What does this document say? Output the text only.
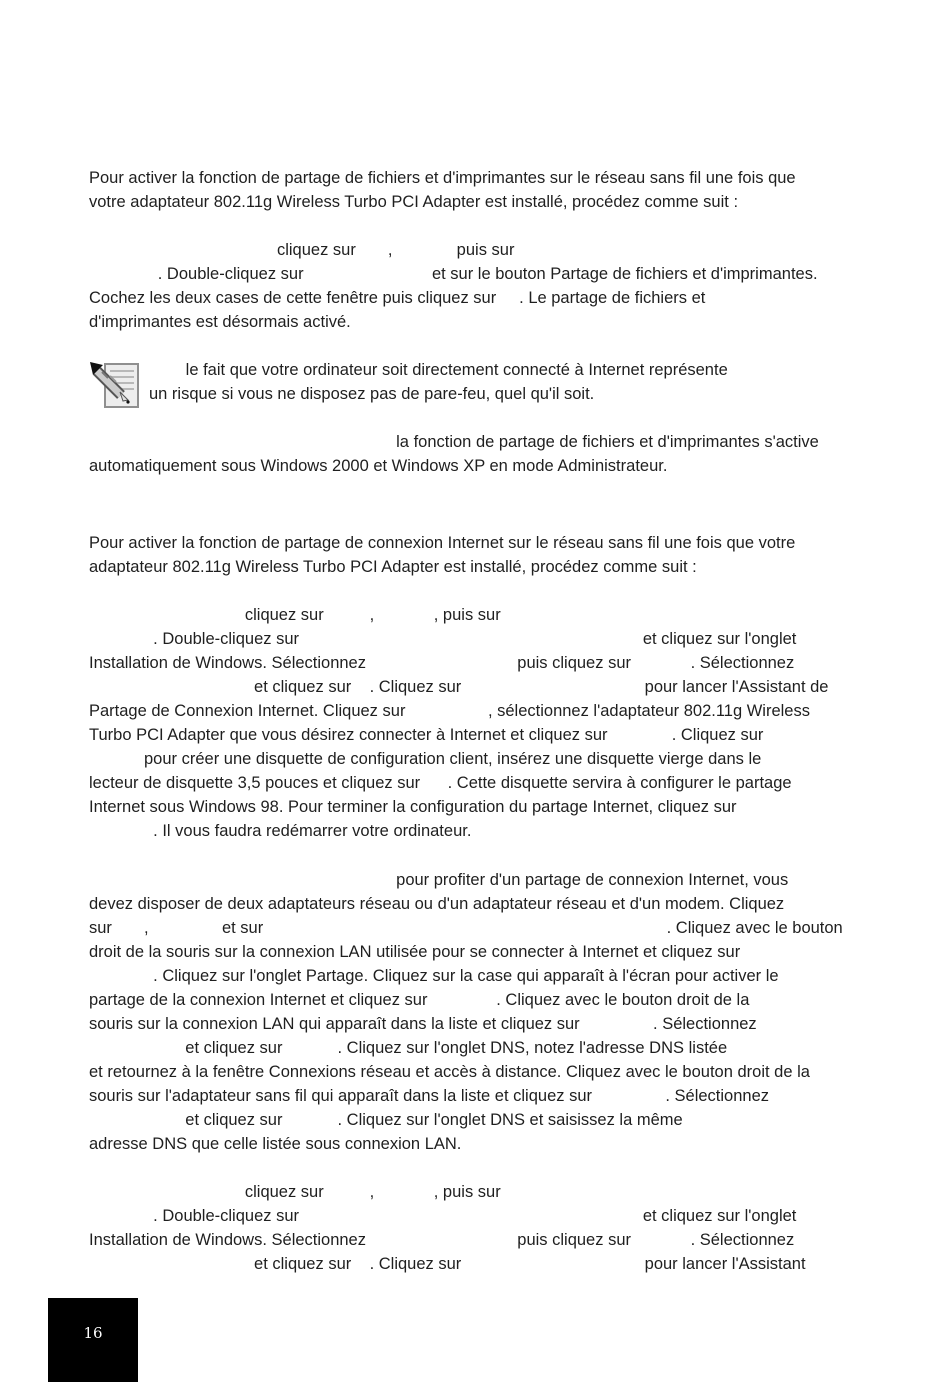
Pour activer la fonction de partage de fichiers et d'imprimantes sur le réseau sans fil une fois que
votre adaptateur 802.11g Wireless Turbo PCI Adapter est installé, procédez comme suit :
cliquez sur       ,              puis sur
. Double-cliquez sur                            et sur le bouton Partage de fichiers et d'imprimantes.
Cochez les deux cases de cette fenêtre puis cliquez sur     . Le partage de fichiers et
d'imprimantes est désormais activé.
le fait que votre ordinateur soit directement connecté à Internet représente
un risque si vous ne disposez pas de pare-feu, quel qu'il soit.
la fonction de partage de fichiers et d'imprimantes s'active
automatiquement sous Windows 2000 et Windows XP en mode Administrateur.
Pour activer la fonction de partage de connexion Internet sur le réseau sans fil une fois que votre
adaptateur 802.11g Wireless Turbo PCI Adapter est installé, procédez comme suit :
cliquez sur          ,             , puis sur
. Double-cliquez sur                                                                           et cliquez sur l'onglet
Installation de Windows. Sélectionnez                                 puis cliquez sur             . Sélectionnez
et cliquez sur    . Cliquez sur                                        pour lancer l'Assistant de
Partage de Connexion Internet. Cliquez sur                  , sélectionnez l'adaptateur 802.11g Wireless
Turbo PCI Adapter que vous désirez connecter à Internet et cliquez sur              . Cliquez sur
pour créer une disquette de configuration client, insérez une disquette vierge dans le
lecteur de disquette 3,5 pouces et cliquez sur      . Cette disquette servira à configurer le partage
Internet sous Windows 98. Pour terminer la configuration du partage Internet, cliquez sur
. Il vous faudra redémarrer votre ordinateur.
pour profiter d'un partage de connexion Internet, vous
devez disposer de deux adaptateurs réseau ou d'un adaptateur réseau et d'un modem. Cliquez
sur       ,                et sur                                                                                        . Cliquez avec le bouton
droit de la souris sur la connexion LAN utilisée pour se connecter à Internet et cliquez sur
. Cliquez sur l'onglet Partage. Cliquez sur la case qui apparaît à l'écran pour activer le
partage de la connexion Internet et cliquez sur               . Cliquez avec le bouton droit de la
souris sur la connexion LAN qui apparaît dans la liste et cliquez sur                . Sélectionnez
et cliquez sur            . Cliquez sur l'onglet DNS, notez l'adresse DNS listée
et retournez à la fenêtre Connexions réseau et accès à distance. Cliquez avec le bouton droit de la
souris sur l'adaptateur sans fil qui apparaît dans la liste et cliquez sur                . Sélectionnez
et cliquez sur            . Cliquez sur l'onglet DNS et saisissez la même
adresse DNS que celle listée sous connexion LAN.
cliquez sur          ,             , puis sur
. Double-cliquez sur                                                                           et cliquez sur l'onglet
Installation de Windows. Sélectionnez                                 puis cliquez sur             . Sélectionnez
et cliquez sur    . Cliquez sur                                        pour lancer l'Assistant
16
